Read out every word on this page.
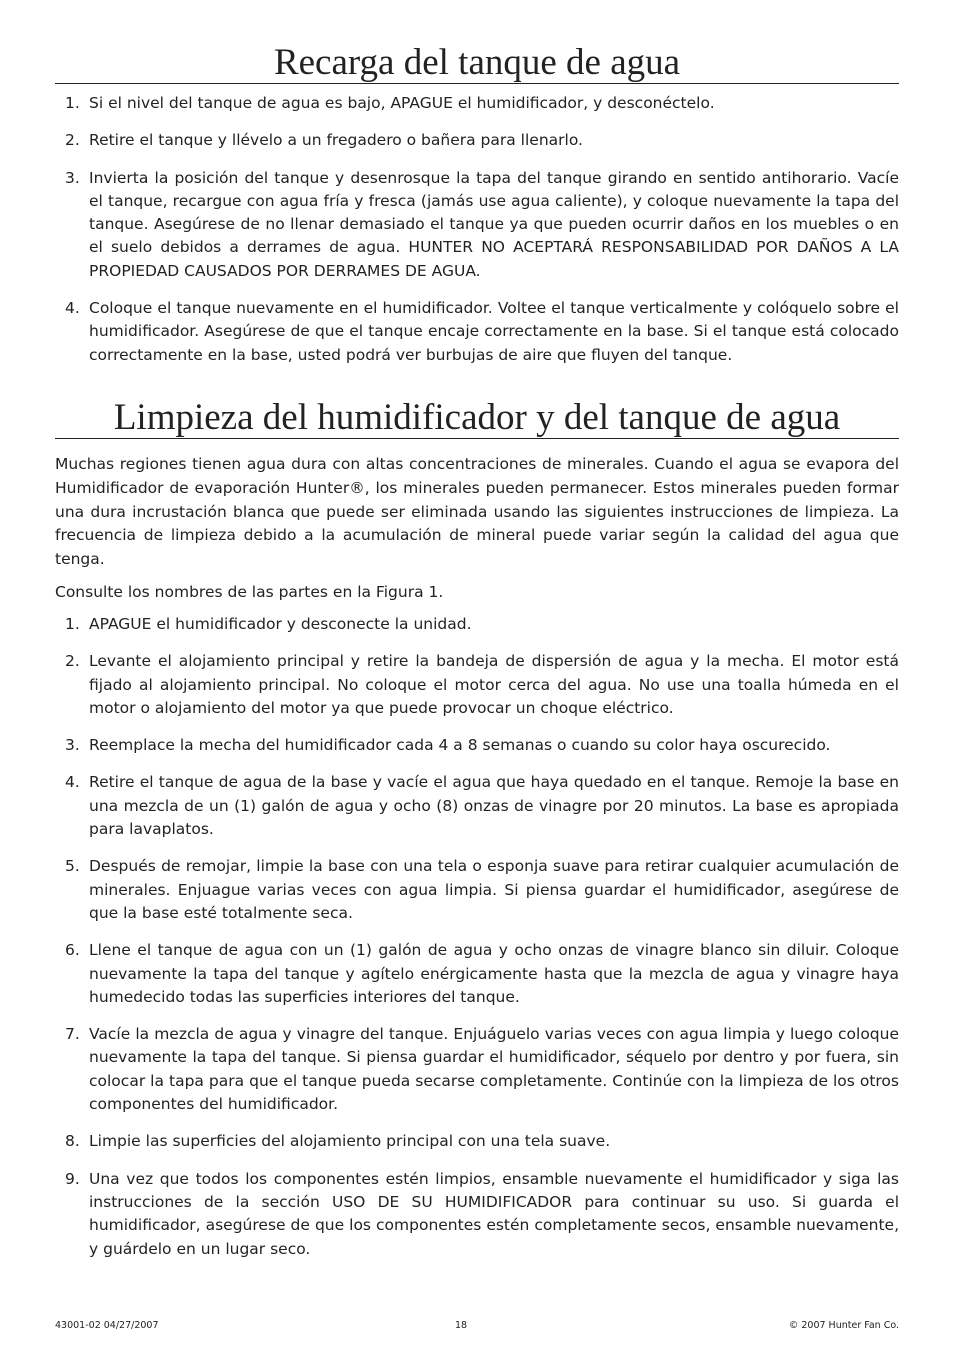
Recarga del tanque de agua
1. Si el nivel del tanque de agua es bajo, APAGUE el humidificador, y desconéctelo.
2. Retire el tanque y llévelo a un fregadero o bañera para llenarlo.
3. Invierta la posición del tanque y desenrosque la tapa del tanque girando en sentido antihorario. Vacíe el tanque, recargue con agua fría y fresca (jamás use agua caliente), y coloque nuevamente la tapa del tanque. Asegúrese de no llenar demasiado el tanque ya que pueden ocurrir daños en los muebles o en el suelo debidos a derrames de agua. HUNTER NO ACEPTARÁ RESPONSABILIDAD POR DAÑOS A LA PROPIEDAD CAUSADOS POR DERRAMES DE AGUA.
4. Coloque el tanque nuevamente en el humidificador. Voltee el tanque verticalmente y colóquelo sobre el humidificador. Asegúrese de que el tanque encaje correctamente en la base. Si el tanque está colocado correctamente en la base, usted podrá ver burbujas de aire que fluyen del tanque.
Limpieza del humidificador y del tanque de agua

Muchas regiones tienen agua dura con altas concentraciones de minerales. Cuando el agua se evapora del Humidificador de evaporación Hunter®, los minerales pueden permanecer. Estos minerales pueden formar una dura incrustación blanca que puede ser eliminada usando las siguientes instrucciones de limpieza. La frecuencia de limpieza debido a la acumulación de mineral puede variar según la calidad del agua que tenga.

Consulte los nombres de las partes en la Figura 1.

1. APAGUE el humidificador y desconecte la unidad.
2. Levante el alojamiento principal y retire la bandeja de dispersión de agua y la mecha. El motor está fijado al alojamiento principal. No coloque el motor cerca del agua. No use una toalla húmeda en el motor o alojamiento del motor ya que puede provocar un choque eléctrico.
3. Reemplace la mecha del humidificador cada 4 a 8 semanas o cuando su color haya oscurecido.
4. Retire el tanque de agua de la base y vacíe el agua que haya quedado en el tanque. Remoje la base en una mezcla de un (1) galón de agua y ocho (8) onzas de vinagre por 20 minutos. La base es apropiada para lavaplatos.
5. Después de remojar, limpie la base con una tela o esponja suave para retirar cualquier acumulación de minerales. Enjuague varias veces con agua limpia. Si piensa guardar el humidificador, asegúrese de que la base esté totalmente seca.
6. Llene el tanque de agua con un (1) galón de agua y ocho onzas de vinagre blanco sin diluir. Coloque nuevamente la tapa del tanque y agítelo enérgicamente hasta que la mezcla de agua y vinagre haya humedecido todas las superficies interiores del tanque.
7. Vacíe la mezcla de agua y vinagre del tanque. Enjuáguelo varias veces con agua limpia y luego coloque nuevamente la tapa del tanque. Si piensa guardar el humidificador, séquelo por dentro y por fuera, sin colocar la tapa para que el tanque pueda secarse completamente. Continúe con la limpieza de los otros componentes del humidificador.
8. Limpie las superficies del alojamiento principal con una tela suave.
9. Una vez que todos los componentes estén limpios, ensamble nuevamente el humidificador y siga las instrucciones de la sección USO DE SU HUMIDIFICADOR para continuar su uso. Si guarda el humidificador, asegúrese de que los componentes estén completamente secos, ensamble nuevamente, y guárdelo en un lugar seco.
43001-02 04/27/2007	18	© 2007 Hunter Fan Co.
